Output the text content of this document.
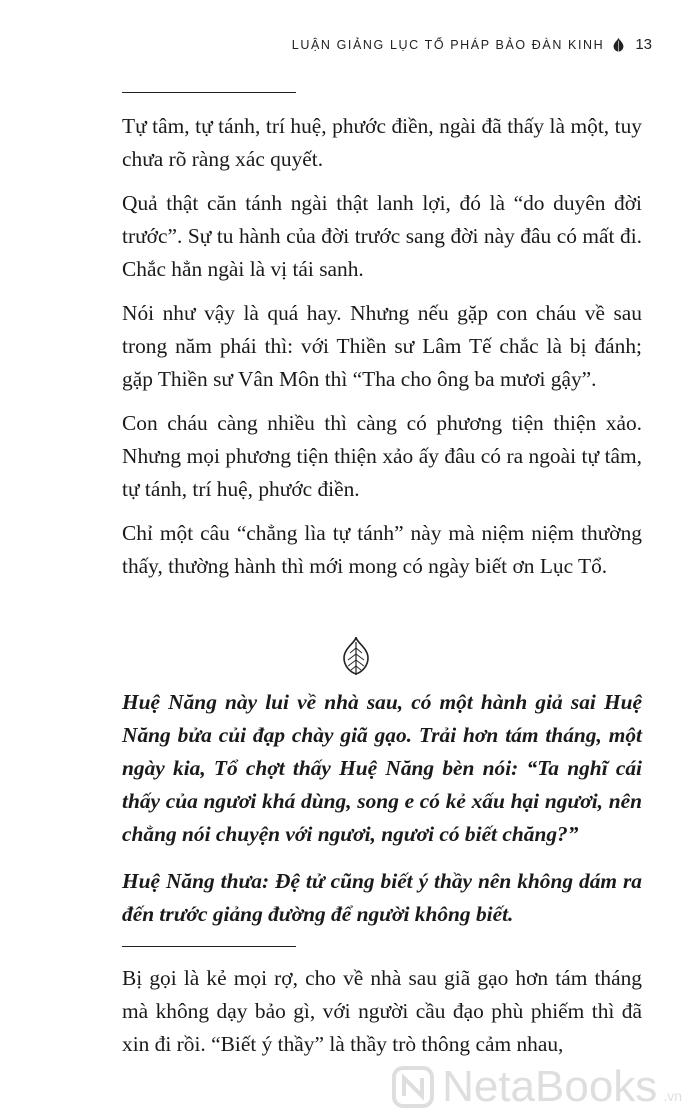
LUẬN GIẢNG LỤC TỔ PHÁP BẢO ĐÀN KINH 13

Tự tâm, tự tánh, trí huệ, phước điền, ngài đã thấy là một, tuy chưa rõ ràng xác quyết.

Quả thật căn tánh ngài thật lanh lợi, đó là “do duyên đời trước”. Sự tu hành của đời trước sang đời này đâu có mất đi. Chắc hẳn ngài là vị tái sanh.

Nói như vậy là quá hay. Nhưng nếu gặp con cháu về sau trong năm phái thì: với Thiền sư Lâm Tế chắc là bị đánh; gặp Thiền sư Vân Môn thì “Tha cho ông ba mươi gậy”.

Con cháu càng nhiều thì càng có phương tiện thiện xảo. Nhưng mọi phương tiện thiện xảo ấy đâu có ra ngoài tự tâm, tự tánh, trí huệ, phước điền.

Chỉ một câu “chẳng lìa tự tánh” này mà niệm niệm thường thấy, thường hành thì mới mong có ngày biết ơn Lục Tổ.

Huệ Năng này lui về nhà sau, có một hành giả sai Huệ Năng bửa củi đạp chày giã gạo. Trải hơn tám tháng, một ngày kia, Tổ chợt thấy Huệ Năng bèn nói: “Ta nghĩ cái thấy của ngươi khá dùng, song e có kẻ xấu hại ngươi, nên chẳng nói chuyện với ngươi, ngươi có biết chăng?”

Huệ Năng thưa: Đệ tử cũng biết ý thầy nên không dám ra đến trước giảng đường để người không biết.

Bị gọi là kẻ mọi rợ, cho về nhà sau giã gạo hơn tám tháng mà không dạy bảo gì, với người cầu đạo phù phiếm thì đã xin đi rồi. “Biết ý thầy” là thầy trò thông cảm nhau,

NetaBooks .vn
